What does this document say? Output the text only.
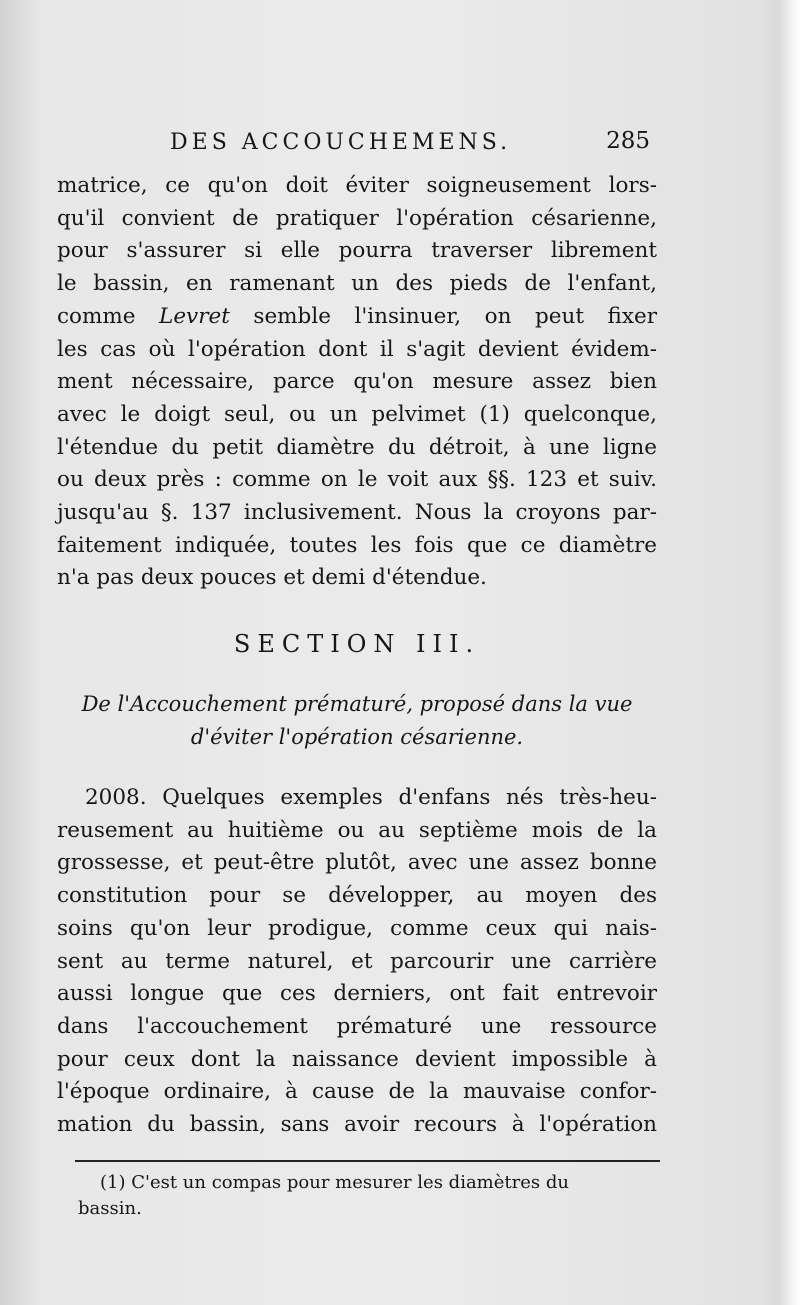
DES ACCOUCHEMENS.	285

matrice, ce qu'on doit éviter soigneusement lors-
qu'il convient de pratiquer l'opération césarienne,
pour s'assurer si elle pourra traverser librement
le bassin, en ramenant un des pieds de l'enfant,
comme Levret semble l'insinuer, on peut fixer
les cas où l'opération dont il s'agit devient évidem-
ment nécessaire, parce qu'on mesure assez bien
avec le doigt seul, ou un pelvimet (1) quelconque,
l'étendue du petit diamètre du détroit, à une ligne
ou deux près : comme on le voit aux §§. 123 et suiv.
jusqu'au §. 137 inclusivement. Nous la croyons par-
faitement indiquée, toutes les fois que ce diamètre
n'a pas deux pouces et demi d'étendue.

SECTION III.
De l'Accouchement prématuré, proposé dans la vue
d'éviter l'opération césarienne.

2008. Quelques exemples d'enfans nés très-heu-
reusement au huitième ou au septième mois de la
grossesse, et peut-être plutôt, avec une assez bonne
constitution pour se développer, au moyen des
soins qu'on leur prodigue, comme ceux qui nais-
sent au terme naturel, et parcourir une carrière
aussi longue que ces derniers, ont fait entrevoir
dans l'accouchement prématuré une ressource
pour ceux dont la naissance devient impossible à
l'époque ordinaire, à cause de la mauvaise confor-
mation du bassin, sans avoir recours à l'opération

(1) C'est un compas pour mesurer les diamètres du
bassin.
